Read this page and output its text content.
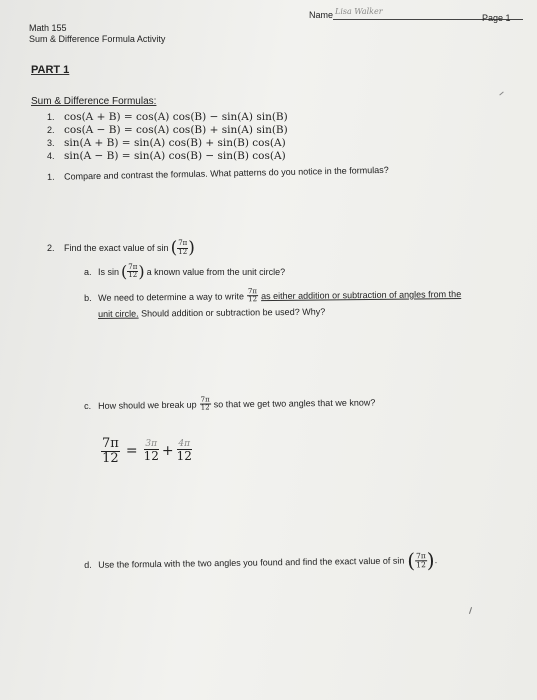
Name Lisa Walker
Page 1
Math 155
Sum & Difference Formula Activity
PART 1
Sum & Difference Formulas:
1. cos(A + B) = cos(A) cos(B) − sin(A) sin(B)
2. cos(A − B) = cos(A) cos(B) + sin(A) sin(B)
3. sin(A + B) = sin(A) cos(B) + sin(B) cos(A)
4. sin(A − B) = sin(A) cos(B) − sin(B) cos(A)
1. Compare and contrast the formulas. What patterns do you notice in the formulas?
2.	Find the exact value of sin ( $\frac{7\pi}{12}$ )
a. Is sin ( $\frac{7\pi}{12}$ ) a known value from the unit circle?
b. We need to determine a way to write $\frac{7\pi}{12}$ as either addition or subtraction of angles from the
unit circle. Should addition or subtraction be used? Why?
c. How should we break up $\frac{7\pi}{12}$ so that we get two angles that we know?
$\frac{7\pi}{12} = \frac{3\pi}{12} + \frac{4\pi}{12}$
d. Use the formula with the two angles you found and find the exact value of sin ( $\frac{7\pi}{12}$ ) .
